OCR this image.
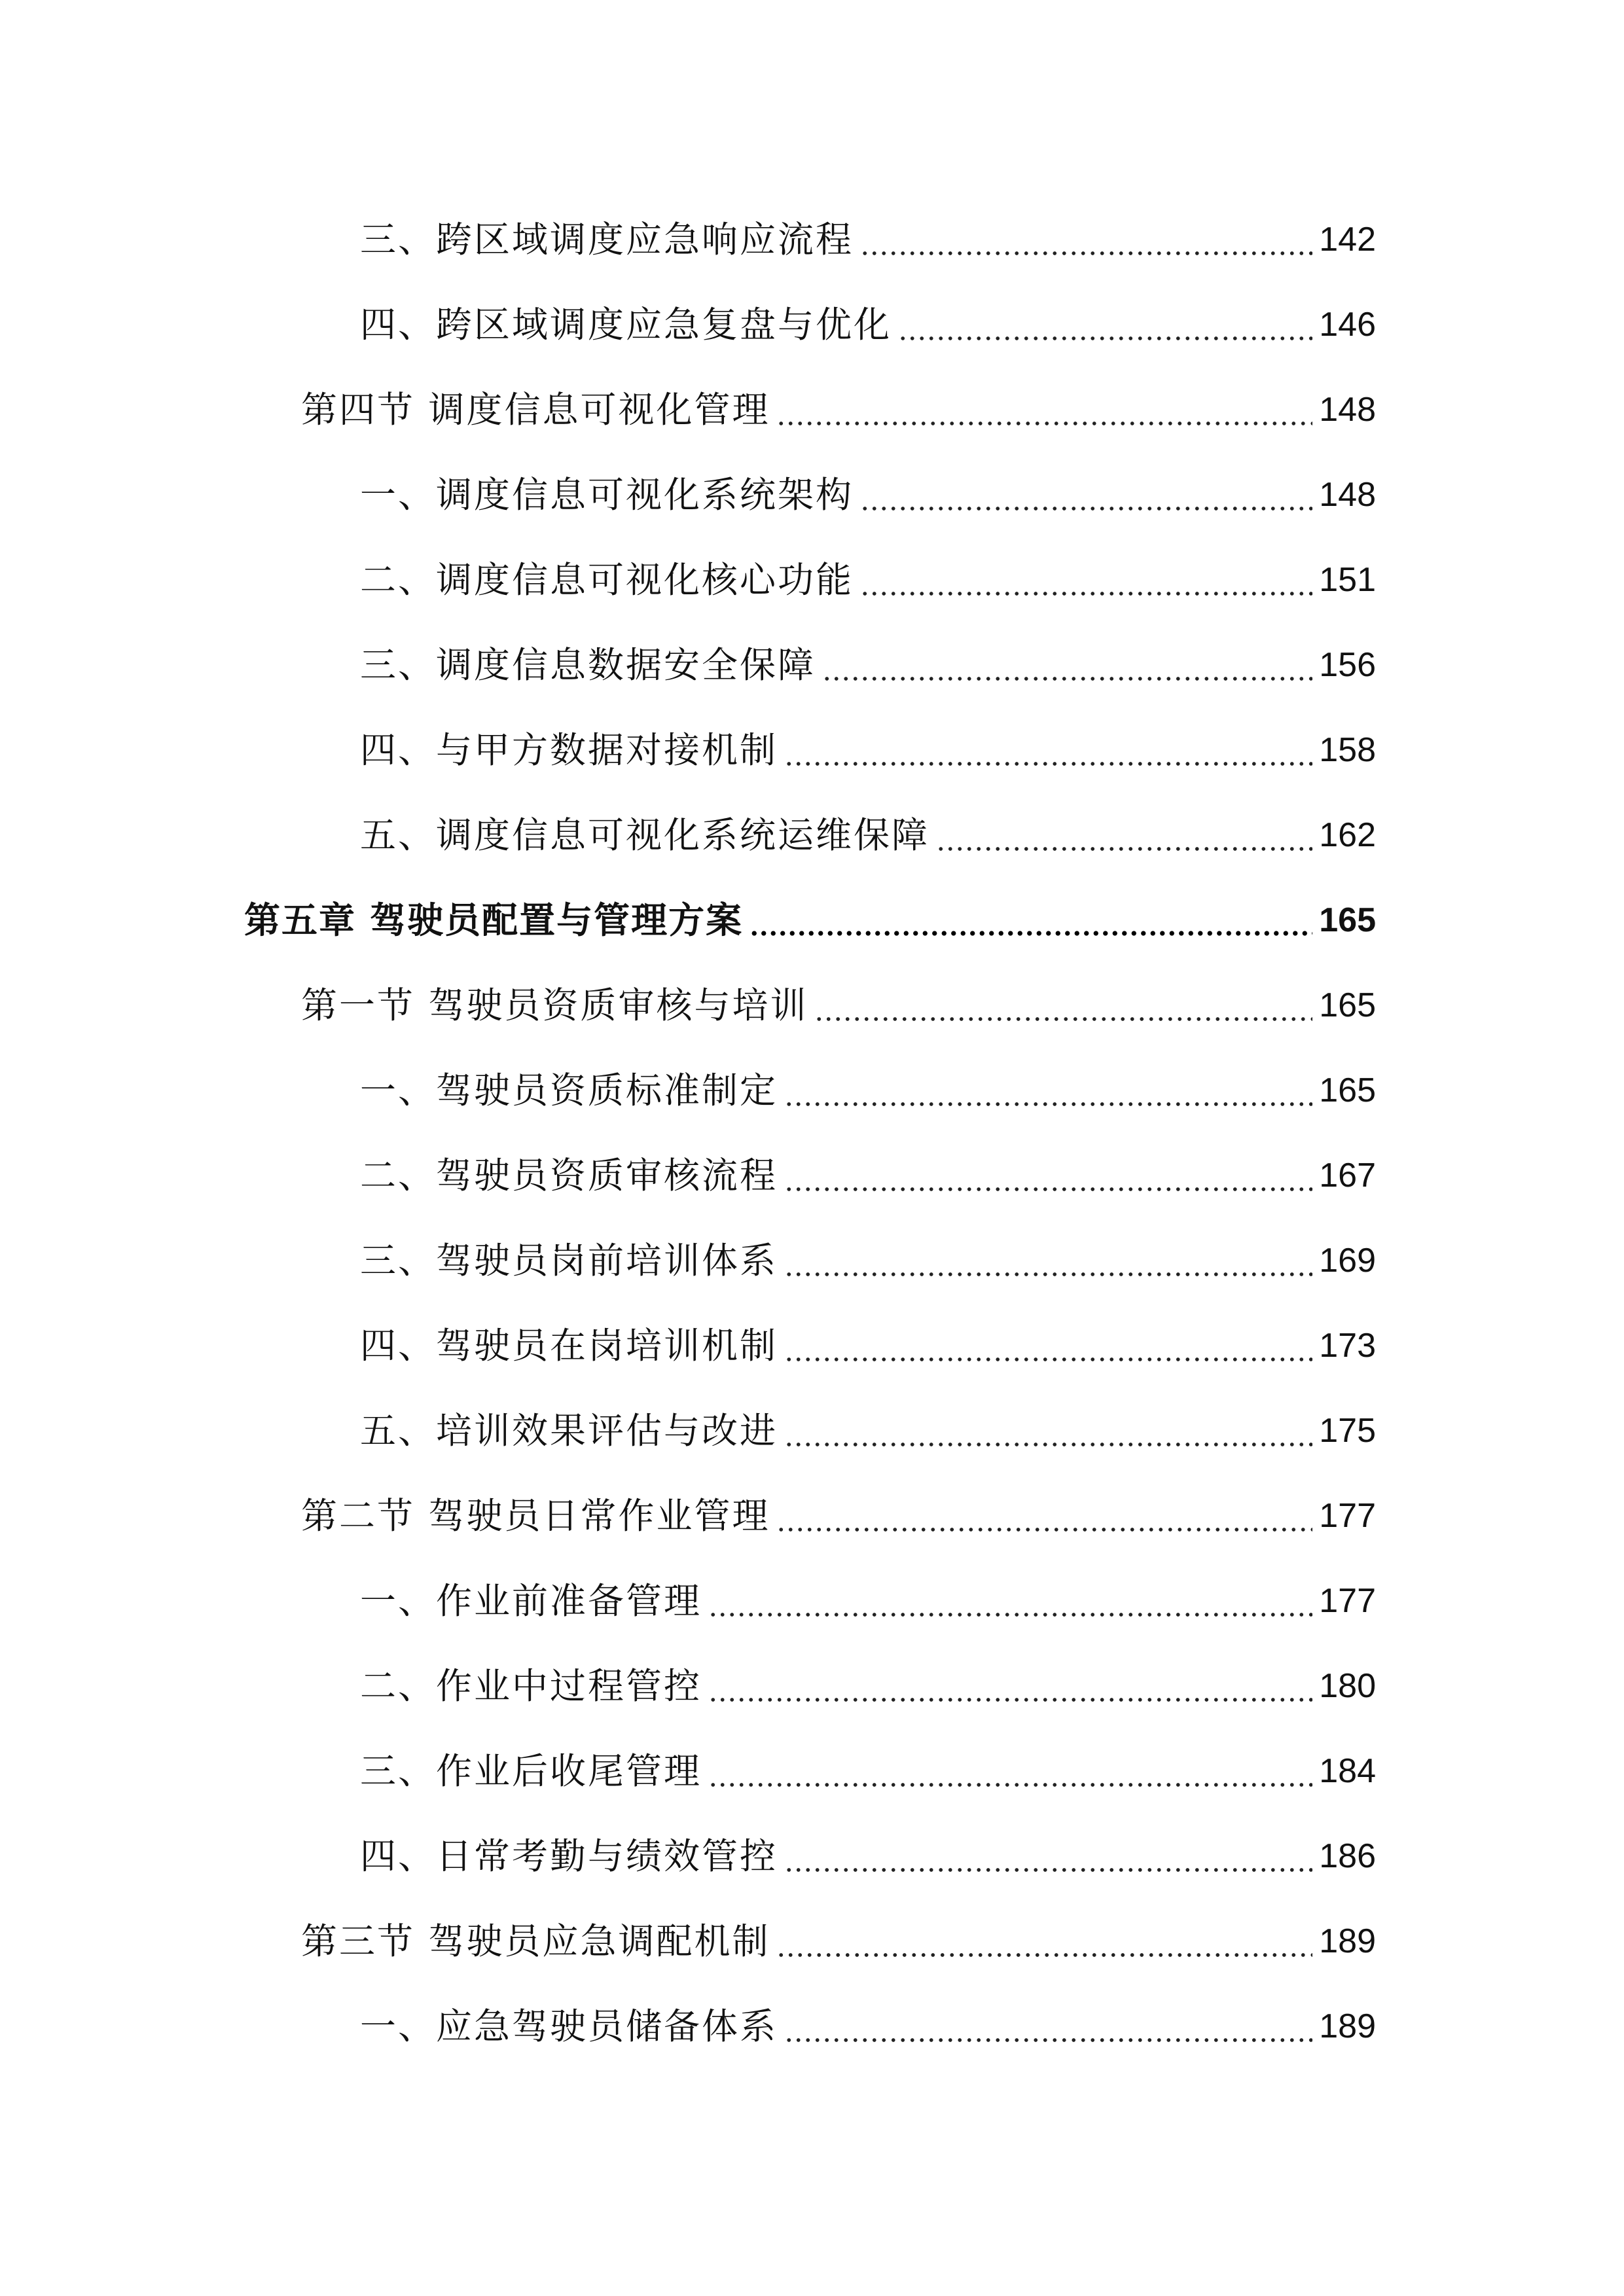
三、跨区域调度应急响应流程	142
四、跨区域调度应急复盘与优化	146
第四节 调度信息可视化管理	148
一、调度信息可视化系统架构	148
二、调度信息可视化核心功能	151
三、调度信息数据安全保障	156
四、与甲方数据对接机制	158
五、调度信息可视化系统运维保障	162
第五章 驾驶员配置与管理方案	165
第一节 驾驶员资质审核与培训	165
一、驾驶员资质标准制定	165
二、驾驶员资质审核流程	167
三、驾驶员岗前培训体系	169
四、驾驶员在岗培训机制	173
五、培训效果评估与改进	175
第二节 驾驶员日常作业管理	177
一、作业前准备管理	177
二、作业中过程管控	180
三、作业后收尾管理	184
四、日常考勤与绩效管控	186
第三节 驾驶员应急调配机制	189
一、应急驾驶员储备体系	189
